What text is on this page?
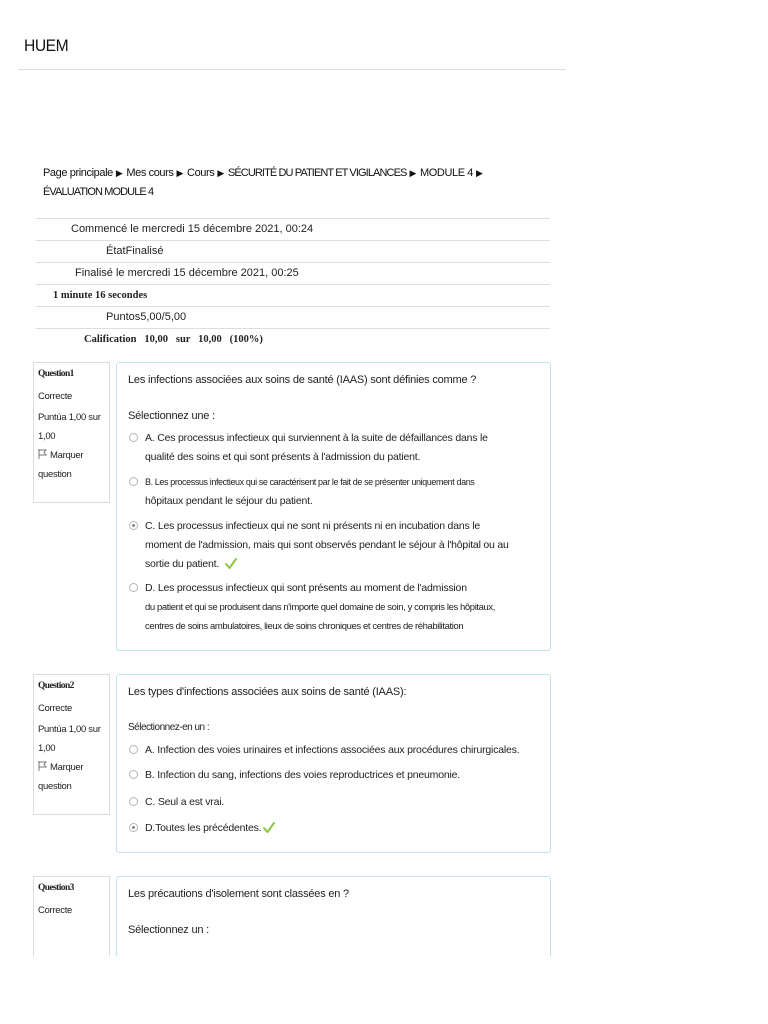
HUEM
Page principale ▶ Mes cours ▶ Cours ▶ SÉCURITÉ DU PATIENT ET VIGILANCES ▶ MODULE 4 ▶
ÉVALUATION MODULE 4
Commencé le mercredi 15 décembre 2021, 00:24
ÉtatFinalisé
Finalisé le mercredi 15 décembre 2021, 00:25
1 minute 16 secondes
Puntos5,00/5,00
Calification   10,00   sur   10,00   (100%)
Question1
Correcte
Puntúa 1,00 sur
1,00
Marquer
question
Les infections associées aux soins de santé (IAAS) sont définies comme ?
Sélectionnez une :
A. Ces processus infectieux qui surviennent à la suite de défaillances dans le
qualité des soins et qui sont présents à l'admission du patient.
B. Les processus infectieux qui se caractérisent par le fait de se présenter uniquement dans
hôpitaux pendant le séjour du patient.
C. Les processus infectieux qui ne sont ni présents ni en incubation dans le
moment de l'admission, mais qui sont observés pendant le séjour à l'hôpital ou au
sortie du patient.
D. Les processus infectieux qui sont présents au moment de l'admission
du patient et qui se produisent dans n'importe quel domaine de soin, y compris les hôpitaux,
centres de soins ambulatoires, lieux de soins chroniques et centres de réhabilitation
Question2
Correcte
Puntúa 1,00 sur
1,00
Marquer
question
Les types d'infections associées aux soins de santé (IAAS):
Sélectionnez-en un :
A. Infection des voies urinaires et infections associées aux procédures chirurgicales.
B. Infection du sang, infections des voies reproductrices et pneumonie.
C. Seul a est vrai.
D.Toutes les précédentes.
Question3
Correcte
Les précautions d'isolement sont classées en ?
Sélectionnez un :
